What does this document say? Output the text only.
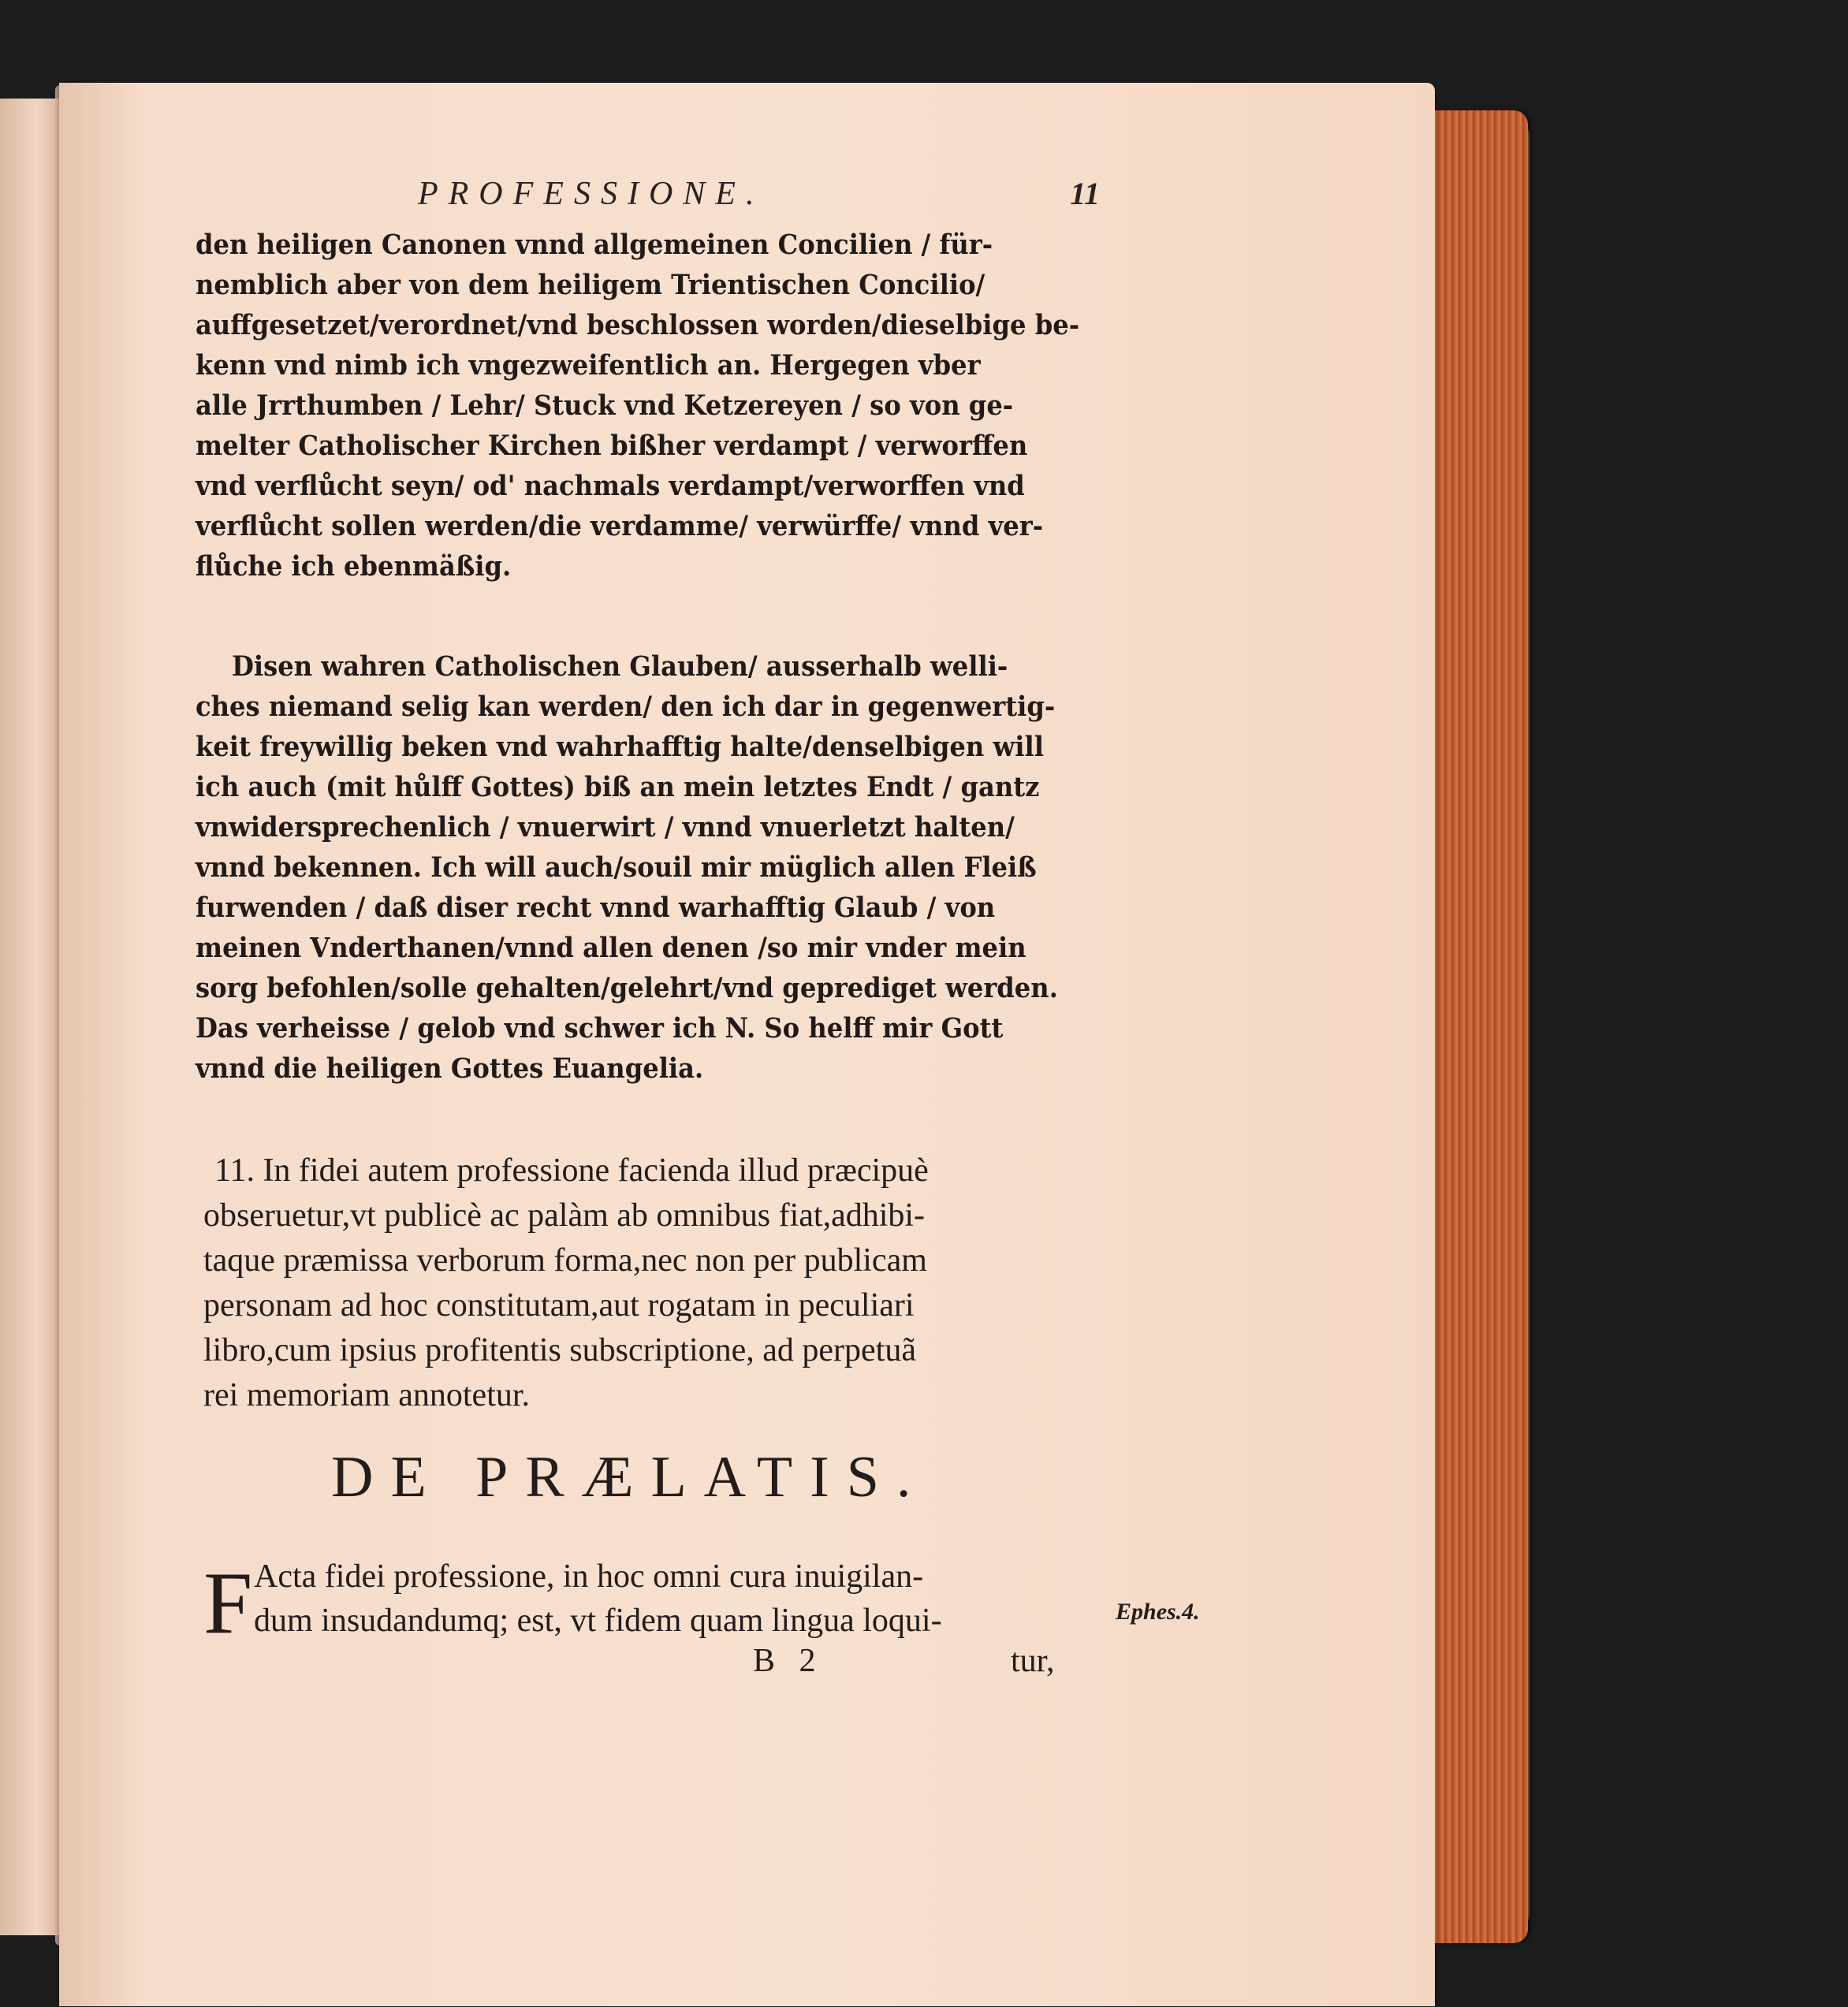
PROFESSIONE.	11
den heiligen Canonen vnnd allgemeinen Concilien / für-
nemblich aber von dem heiligem Trientischen Concilio/
auffgesetzet/verordnet/vnd beschlossen worden/dieselbige be-
kenn vnd nimb ich vngezweifentlich an. Hergegen vber
alle Jrrthumben / Lehr/ Stuck vnd Ketzereyen / so von ge-
melter Catholischer Kirchen bißher verdampt / verworffen
vnd verflůcht seyn/ od' nachmals verdampt/verworffen vnd
verflůcht sollen werden/die verdamme/ verwürffe/ vnnd ver-
flůche ich ebenmäßig.
Disen wahren Catholischen Glauben/ ausserhalb welli-
ches niemand selig kan werden/ den ich dar in gegenwertig-
keit freywillig beken vnd wahrhafftig halte/denselbigen will
ich auch (mit hůlff Gottes) biß an mein letztes Endt / gantz
vnwidersprechenlich / vnuerwirt / vnnd vnuerletzt halten/
vnnd bekennen. Ich will auch/souil mir müglich allen Fleiß
furwenden / daß diser recht vnnd warhafftig Glaub / von
meinen Vnderthanen/vnnd allen denen /so mir vnder mein
sorg befohlen/solle gehalten/gelehrt/vnd geprediget werden.
Das verheisse / gelob vnd schwer ich N. So helff mir Gott
vnnd die heiligen Gottes Euangelia.
11. In fidei autem professione facienda illud præcipuè
obseruetur,vt publicè ac palàm ab omnibus fiat,adhibi-
taque præmissa verborum forma,nec non per publicam
personam ad hoc constitutam,aut rogatam in peculiari
libro,cum ipsius profitentis subscriptione, ad perpetuã
rei memoriam annotetur.
DE PRÆLATIS.
F Acta fidei professione, in hoc omni cura inuigilan-
dum insudandumq; est, vt fidem quam lingua loqui-	Ephes.4.
B 2	tur,
